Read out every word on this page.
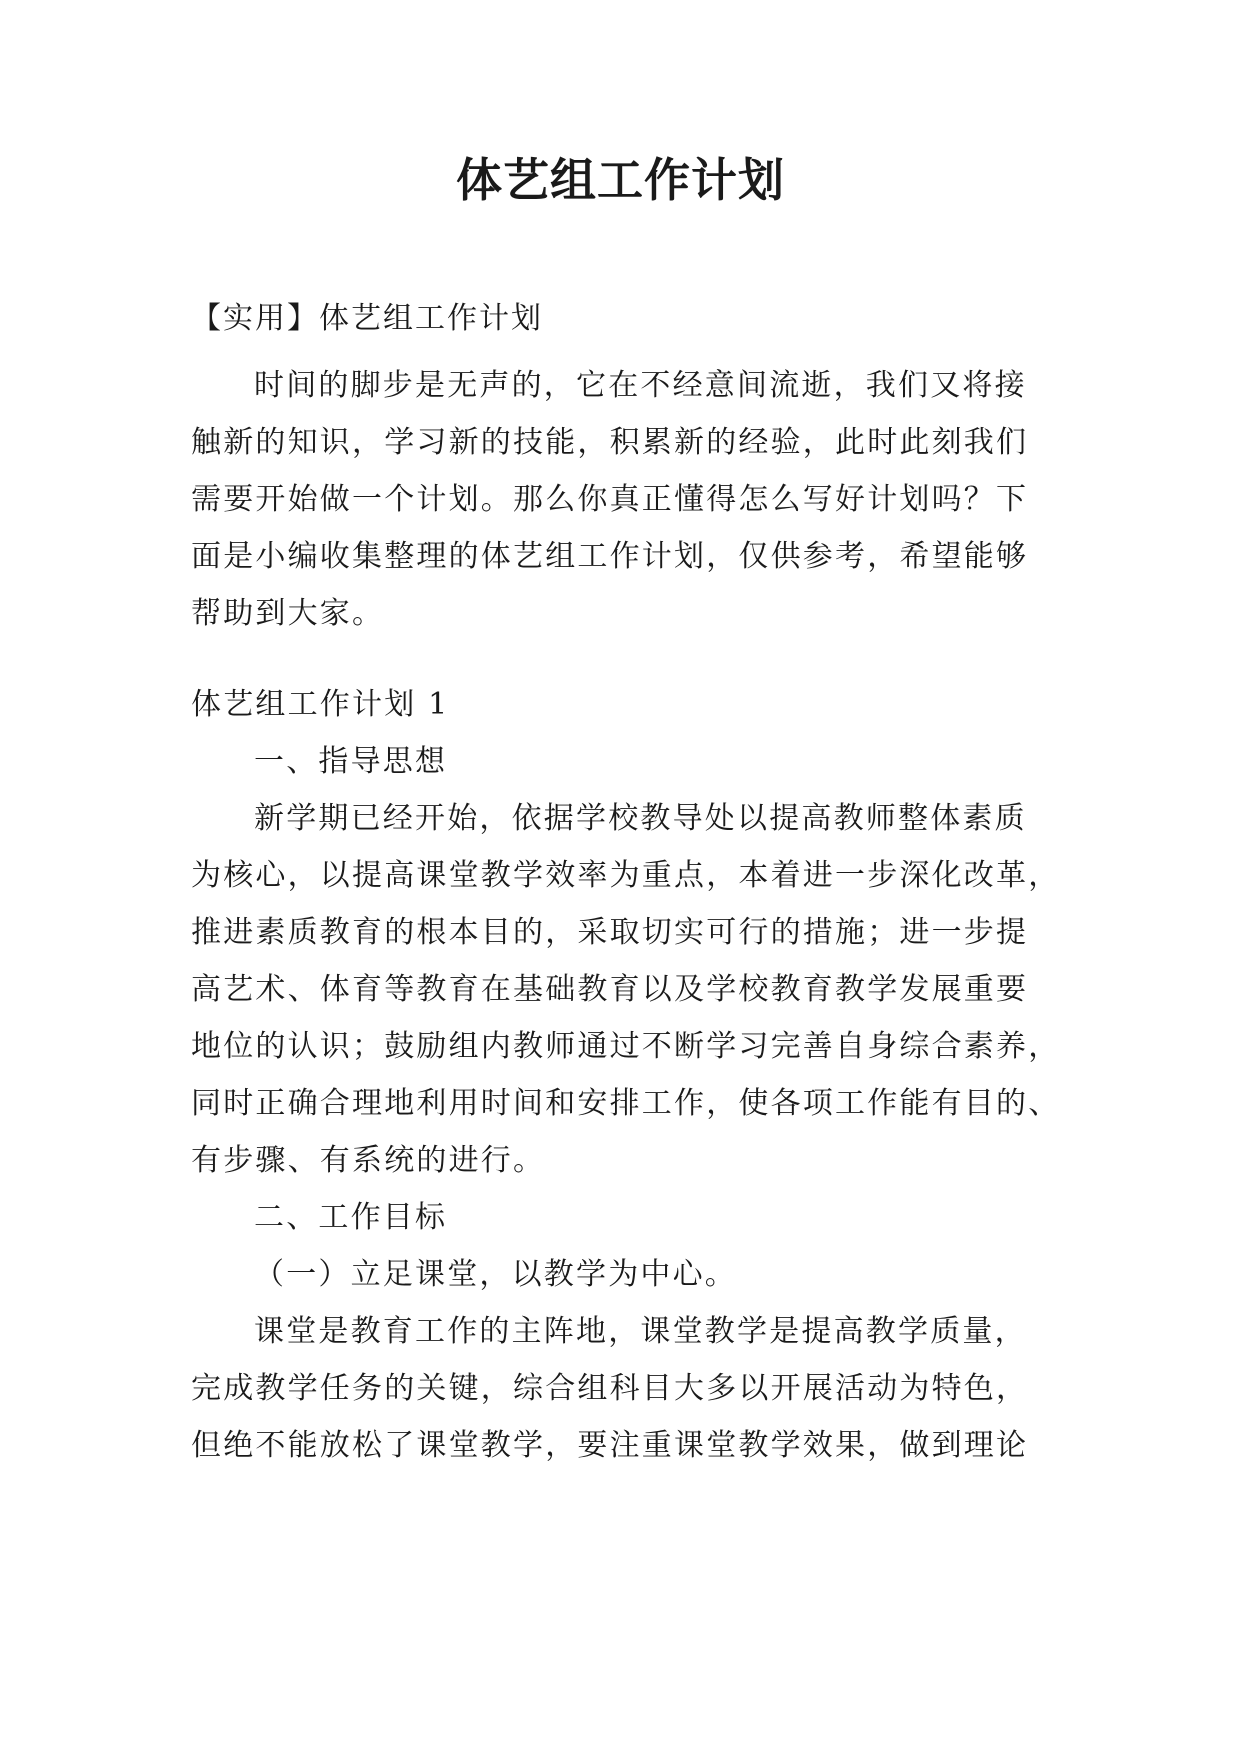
体艺组工作计划
【实用】体艺组工作计划
时间的脚步是无声的，它在不经意间流逝，我们又将接
触新的知识，学习新的技能，积累新的经验，此时此刻我们
需要开始做一个计划。那么你真正懂得怎么写好计划吗？下
面是小编收集整理的体艺组工作计划，仅供参考，希望能够
帮助到大家。
体艺组工作计划 1
一、指导思想
新学期已经开始，依据学校教导处以提高教师整体素质
为核心，以提高课堂教学效率为重点，本着进一步深化改革，
推进素质教育的根本目的，采取切实可行的措施；进一步提
高艺术、体育等教育在基础教育以及学校教育教学发展重要
地位的认识；鼓励组内教师通过不断学习完善自身综合素养，
同时正确合理地利用时间和安排工作，使各项工作能有目的、
有步骤、有系统的进行。
二、工作目标
（一）立足课堂，以教学为中心。
课堂是教育工作的主阵地，课堂教学是提高教学质量，
完成教学任务的关键，综合组科目大多以开展活动为特色，
但绝不能放松了课堂教学，要注重课堂教学效果，做到理论
